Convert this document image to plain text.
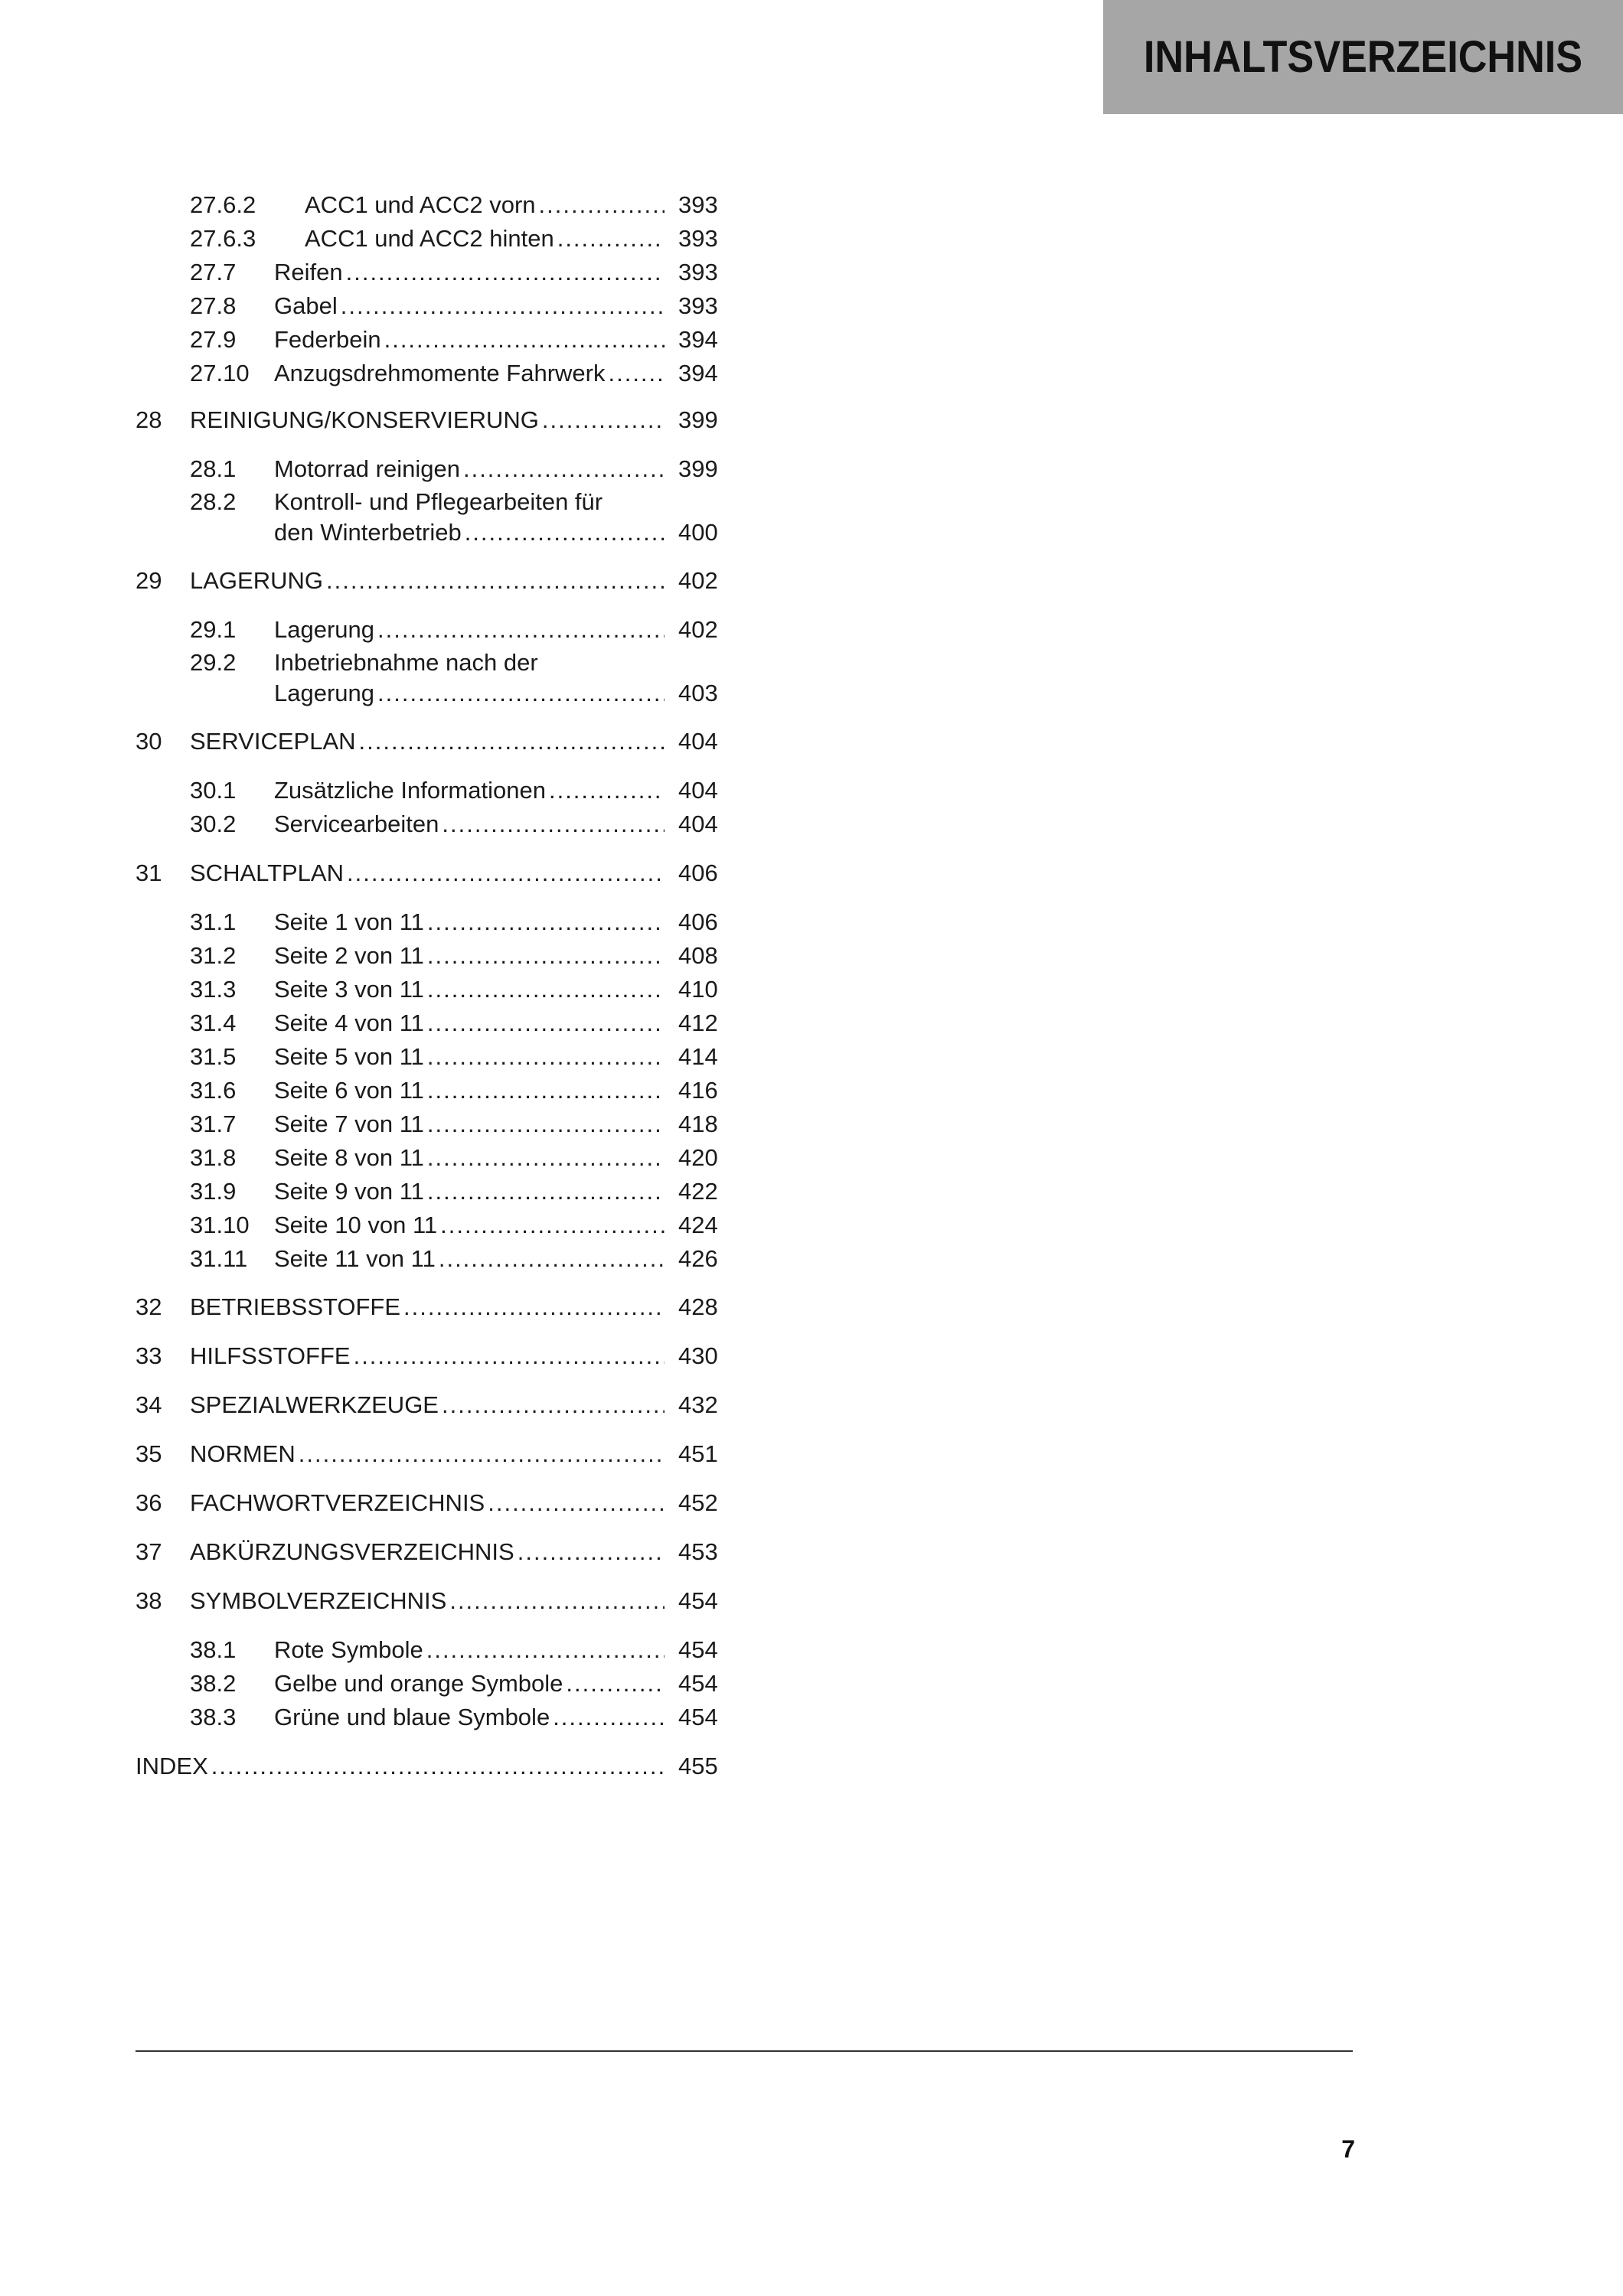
INHALTSVERZEICHNIS
27.6.2 ACC1 und ACC2 vorn .....	393
27.6.3 ACC1 und ACC2 hinten .....	393
27.7 Reifen .....	393
27.8 Gabel .....	393
27.9 Federbein .....	394
27.10 Anzugsdrehmomente Fahrwerk .....	394
28 REINIGUNG/KONSERVIERUNG .....	399
28.1 Motorrad reinigen .....	399
28.2 Kontroll- und Pflegearbeiten für
den Winterbetrieb .....	400
29 LAGERUNG .....	402
29.1 Lagerung .....	402
29.2 Inbetriebnahme nach der
Lagerung .....	403
30 SERVICEPLAN .....	404
30.1 Zusätzliche Informationen .....	404
30.2 Servicearbeiten .....	404
31 SCHALTPLAN .....	406
31.1 Seite 1 von 11 .....	406
31.2 Seite 2 von 11 .....	408
31.3 Seite 3 von 11 .....	410
31.4 Seite 4 von 11 .....	412
31.5 Seite 5 von 11 .....	414
31.6 Seite 6 von 11 .....	416
31.7 Seite 7 von 11 .....	418
31.8 Seite 8 von 11 .....	420
31.9 Seite 9 von 11 .....	422
31.10 Seite 10 von 11 .....	424
31.11 Seite 11 von 11 .....	426
32 BETRIEBSSTOFFE .....	428
33 HILFSSTOFFE .....	430
34 SPEZIALWERKZEUGE .....	432
35 NORMEN .....	451
36 FACHWORTVERZEICHNIS .....	452
37 ABKÜRZUNGSVERZEICHNIS .....	453
38 SYMBOLVERZEICHNIS .....	454
38.1 Rote Symbole .....	454
38.2 Gelbe und orange Symbole .....	454
38.3 Grüne und blaue Symbole .....	454
INDEX .....	455
7
